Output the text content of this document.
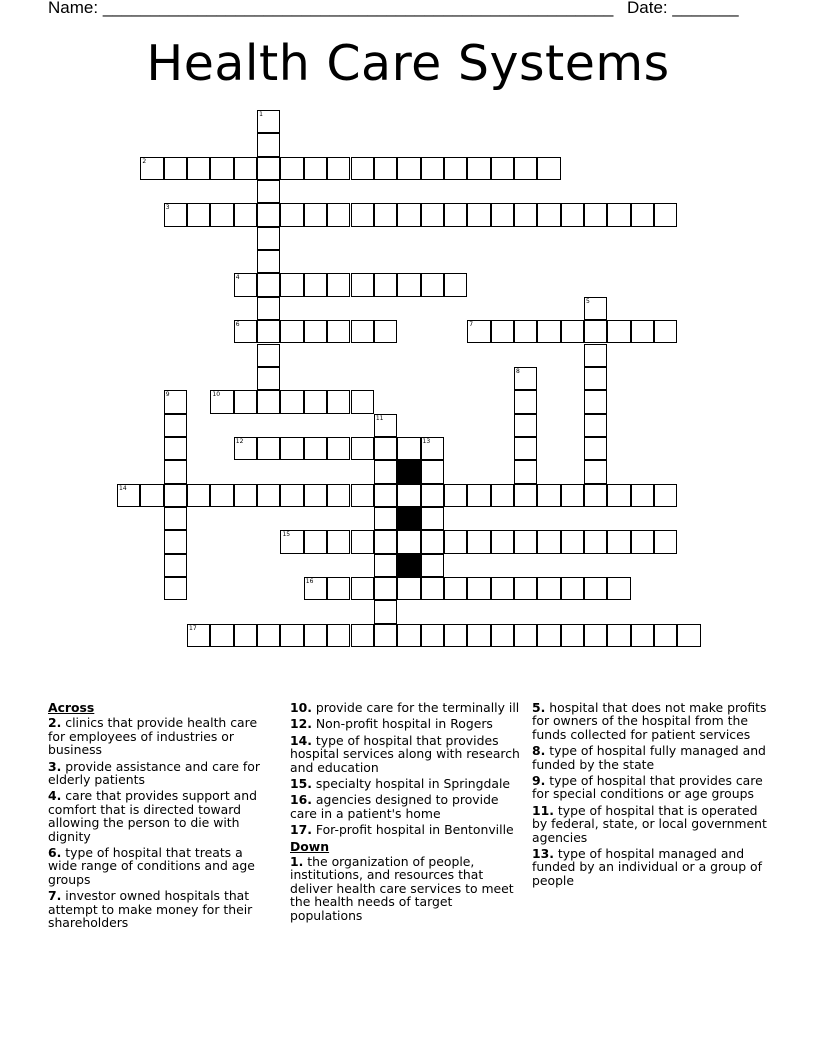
Name: ______________________________________________________ Date: _______
Health Care Systems
1
2
3
4
5
6	7
8
9	10
11
12	13
14
15
16
17
Across

2. clinics that provide health care for employees of industries or business

3. provide assistance and care for elderly patients

4. care that provides support and comfort that is directed toward allowing the person to die with dignity

6. type of hospital that treats a wide range of conditions and age groups

7. investor owned hospitals that attempt to make money for their shareholders

10. provide care for the terminally ill

12. Non-profit hospital in Rogers

14. type of hospital that provides hospital services along with research and education

15. specialty hospital in Springdale

16. agencies designed to provide care in a patient's home

17. For-profit hospital in Bentonville

Down

1. the organization of people, institutions, and resources that deliver health care services to meet the health needs of target populations

5. hospital that does not make profits for owners of the hospital from the funds collected for patient services

8. type of hospital fully managed and funded by the state

9. type of hospital that provides care for special conditions or age groups

11. type of hospital that is operated by federal, state, or local government agencies

13. type of hospital managed and funded by an individual or a group of people
